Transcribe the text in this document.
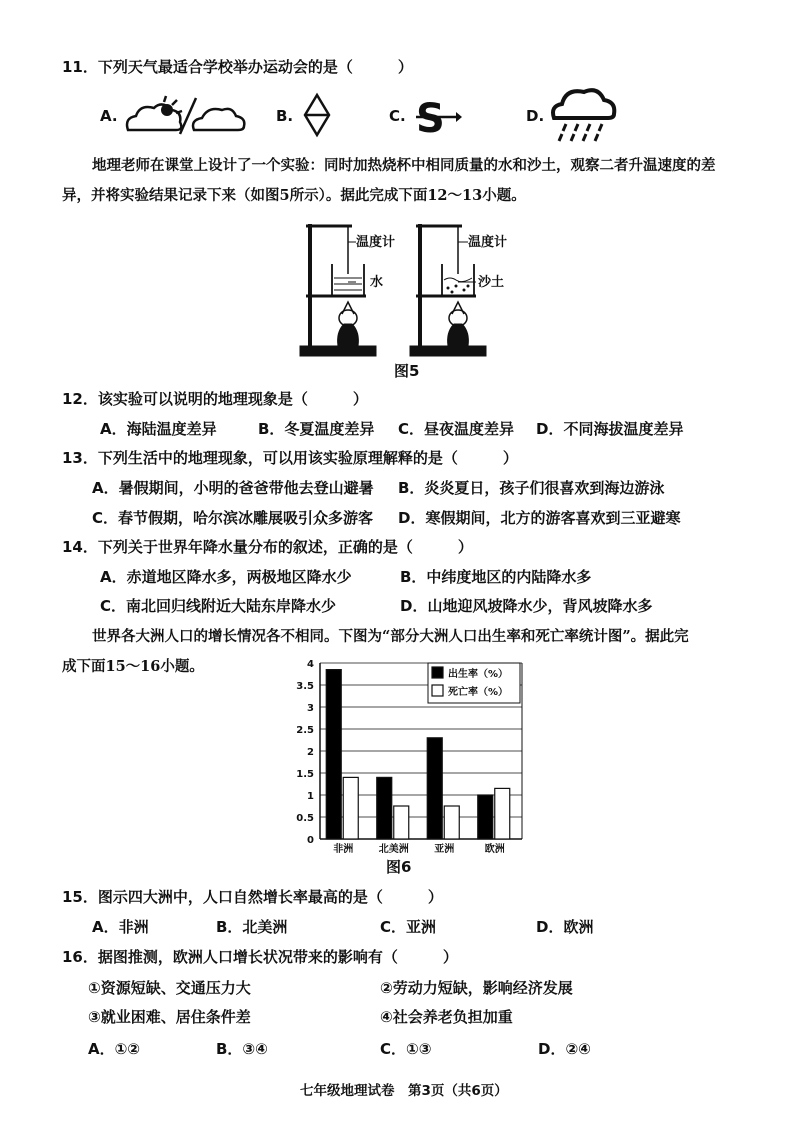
11．下列天气最适合学校举办运动会的是（　　　）
A.	B.	C. S	D.
地理老师在课堂上设计了一个实验：同时加热烧杯中相同质量的水和沙土，观察二者升温速度的差
异，并将实验结果记录下来（如图5所示）。据此完成下面12～13小题。
温度计
水
温度计
沙土
图5
12．该实验可以说明的地理现象是（　　　）
A．海陆温度差异	B．冬夏温度差异 C．昼夜温度差异 D．不同海拔温度差异
13．下列生活中的地理现象，可以用该实验原理解释的是（　　　）
A．暑假期间，小明的爸爸带他去登山避暑 B．炎炎夏日，孩子们很喜欢到海边游泳
C．春节假期，哈尔滨冰雕展吸引众多游客 D．寒假期间，北方的游客喜欢到三亚避寒
14．下列关于世界年降水量分布的叙述，正确的是（　　　）
A．赤道地区降水多，两极地区降水少	B．中纬度地区的内陆降水多
C．南北回归线附近大陆东岸降水少	D．山地迎风坡降水少，背风坡降水多
世界各大洲人口的增长情况各不相同。下图为“部分大洲人口出生率和死亡率统计图”。据此完
成下面15～16小题。
0
0.5
1
1.5
2
2.5
3
3.5
4
非洲	北美洲	亚洲	欧洲
出生率（%）
死亡率（%）
图6
15．图示四大洲中，人口自然增长率最高的是（　　　）
A．非洲	B．北美洲	C．亚洲	D．欧洲
16．据图推测，欧洲人口增长状况带来的影响有（　　　）
①资源短缺、交通压力大	②劳动力短缺，影响经济发展
③就业困难、居住条件差	④社会养老负担加重
A．①②	B．③④	C．①③	D．②④
七年级地理试卷　第3页（共6页）
